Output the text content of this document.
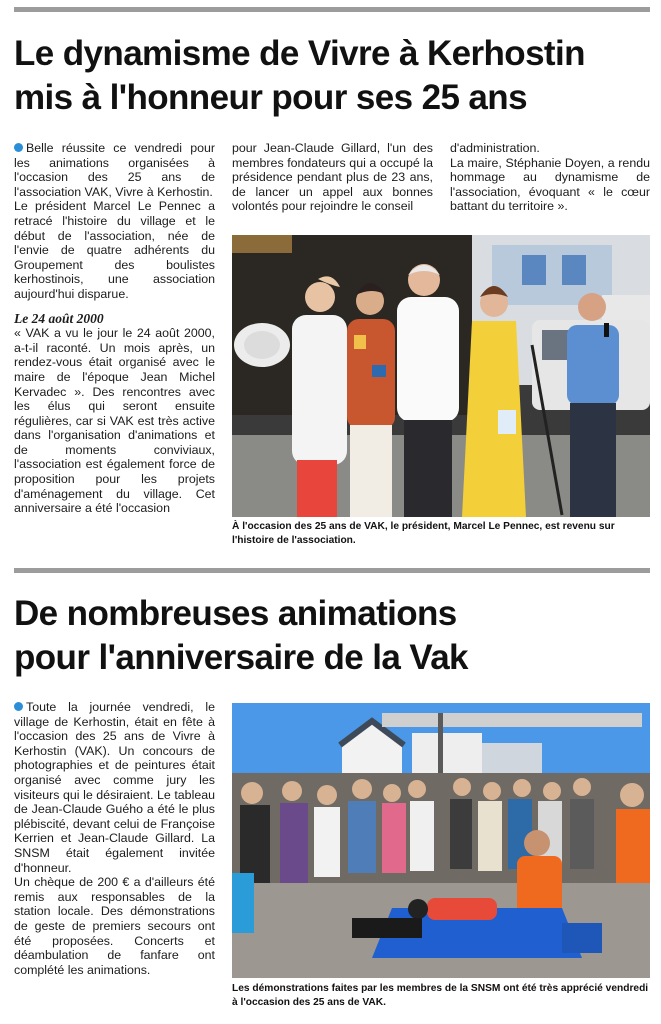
Le dynamisme de Vivre à Kerhostin
mis à l'honneur pour ses 25 ans

Belle réussite ce vendredi pour les animations organisées à l'occasion des 25 ans de l'association VAK, Vivre à Kerhostin.

Le président Marcel Le Pennec a retracé l'histoire du village et le début de l'association, née de l'envie de quatre adhérents du Groupement des boulistes kerhostinois, une association aujourd'hui disparue.

Le 24 août 2000

« VAK a vu le jour le 24 août 2000, a-t-il raconté. Un mois après, un rendez-vous était organisé avec le maire de l'époque Jean Michel Kervadec ». Des rencontres avec les élus qui seront ensuite régulières, car si VAK est très active dans l'organisation d'animations et de moments conviviaux, l'association est également force de proposition pour les projets d'aménagement du village. Cet anniversaire a été l'occasion

pour Jean-Claude Gillard, l'un des membres fondateurs qui a occupé la présidence pendant plus de 23 ans, de lancer un appel aux bonnes volontés pour rejoindre le conseil

d'administration.

La maire, Stéphanie Doyen, a rendu hommage au dynamisme de l'association, évoquant « le cœur battant du territoire ».

À l'occasion des 25 ans de VAK, le président, Marcel Le Pennec, est revenu sur l'histoire de l'association.
De nombreuses animations
pour l'anniversaire de la Vak

Toute la journée vendredi, le village de Kerhostin, était en fête à l'occasion des 25 ans de Vivre à Kerhostin (VAK). Un concours de photographies et de peintures était organisé avec comme jury les visiteurs qui le désiraient. Le tableau de Jean-Claude Guého a été le plus plébiscité, devant celui de Françoise Kerrien et Jean-Claude Gillard. La SNSM était également invitée d'honneur.

Un chèque de 200 € a d'ailleurs été remis aux responsables de la station locale. Des démonstrations de geste de premiers secours ont été proposées. Concerts et déambulation de fanfare ont complété les animations.

Les démonstrations faites par les membres de la SNSM ont été très apprécié vendredi à l'occasion des 25 ans de VAK.
